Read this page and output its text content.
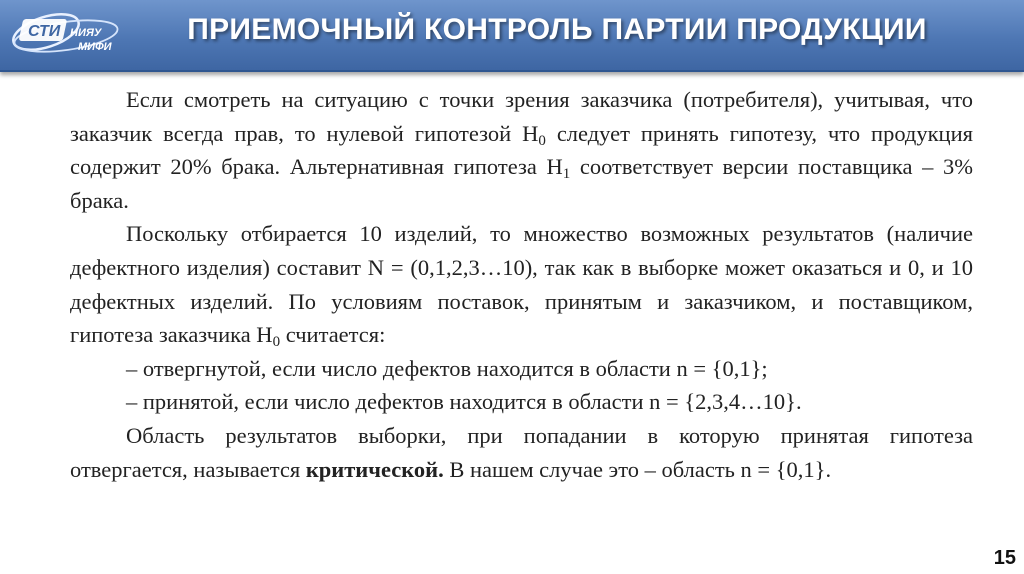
СТИ НИЯУ
МИФИ
ПРИЕМОЧНЫЙ КОНТРОЛЬ ПАРТИИ ПРОДУКЦИИ

Если смотреть на ситуацию с точки зрения заказчика (потребителя), учитывая, что заказчик всегда прав, то нулевой гипотезой $H_0$ следует принять гипотезу, что продукция содержит 20% брака. Альтернативная гипотеза $H_1$ соответствует версии поставщика – 3% брака.

Поскольку отбирается 10 изделий, то множество возможных результатов (наличие дефектного изделия) составит N = (0,1,2,3…10), так как в выборке может оказаться и 0, и 10 дефектных изделий. По условиям поставок, принятым и заказчиком, и поставщиком, гипотеза заказчика $H_0$ считается:

– отвергнутой, если число дефектов находится в области n = {0,1};

– принятой, если число дефектов находится в области n = {2,3,4…10}.

Область результатов выборки, при попадании в которую принятая гипотеза отвергается, называется критической. В нашем случае это – область n = {0,1}.

15
